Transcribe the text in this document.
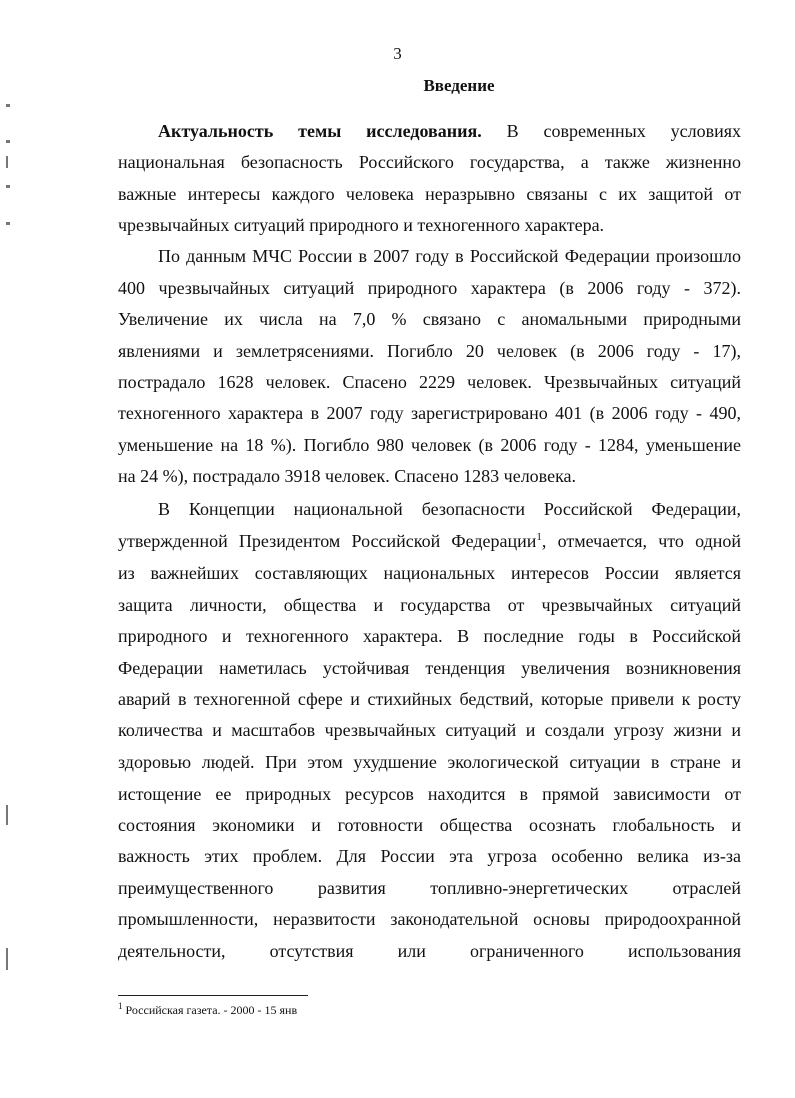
3
Введение
Актуальность темы исследования. В современных условиях
национальная безопасность Российского государства, а также жизненно
важные интересы каждого человека неразрывно связаны с их защитой от
чрезвычайных ситуаций природного и техногенного характера.
По данным МЧС России в 2007 году в Российской Федерации произошло
400 чрезвычайных ситуаций природного характера (в 2006 году - 372).
Увеличение их числа на 7,0 % связано с аномальными природными
явлениями и землетрясениями. Погибло 20 человек (в 2006 году - 17),
пострадало 1628 человек. Спасено 2229 человек. Чрезвычайных ситуаций
техногенного характера в 2007 году зарегистрировано 401 (в 2006 году - 490,
уменьшение на 18 %). Погибло 980 человек (в 2006 году - 1284, уменьшение
на 24 %), пострадало 3918 человек. Спасено 1283 человека.
В Концепции национальной безопасности Российской Федерации,
утвержденной Президентом Российской Федерации$^1$, отмечается, что одной
из важнейших составляющих национальных интересов России является
защита личности, общества и государства от чрезвычайных ситуаций
природного и техногенного характера. В последние годы в Российской
Федерации наметилась устойчивая тенденция увеличения возникновения
аварий в техногенной сфере и стихийных бедствий, которые привели к росту
количества и масштабов чрезвычайных ситуаций и создали угрозу жизни и
здоровью людей. При этом ухудшение экологической ситуации в стране и
истощение ее природных ресурсов находится в прямой зависимости от
состояния экономики и готовности общества осознать глобальность и
важность этих проблем. Для России эта угроза особенно велика из-за
преимущественного развития топливно-энергетических отраслей
промышленности, неразвитости законодательной основы природоохранной
деятельности, отсутствия или ограниченного использования
$^1$ Российская газета. - 2000 - 15 янв
